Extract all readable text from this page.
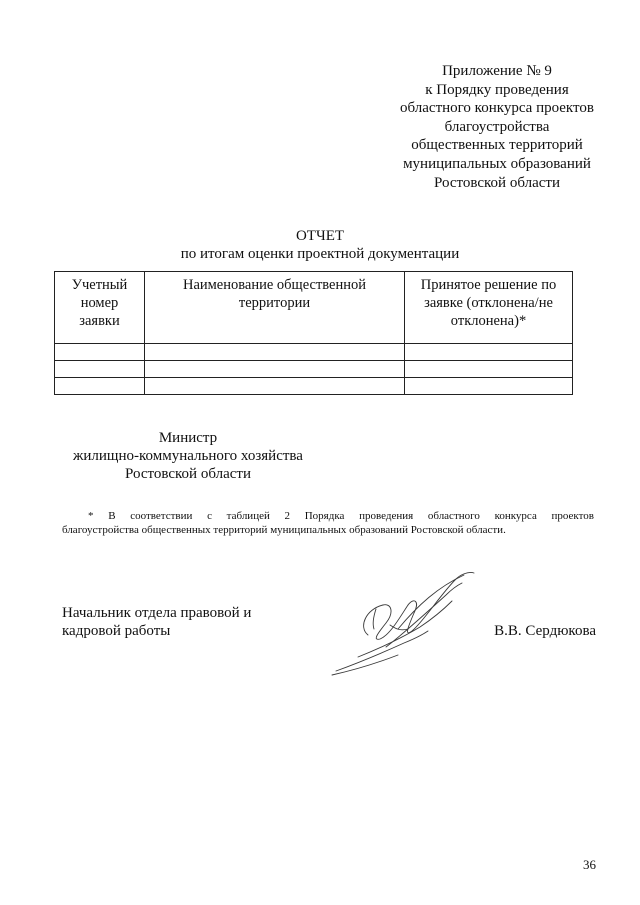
Приложение № 9
к Порядку проведения
областного конкурса проектов
благоустройства
общественных территорий
муниципальных образований
Ростовской области
ОТЧЕТ
по итогам оценки проектной документации
Учетный номер заявки	Наименование общественной территории	Принятое решение по заявке (отклонена/не отклонена)*

Министр
жилищно-коммунального хозяйства
Ростовской области
* В соответствии с таблицей 2 Порядка проведения областного конкурса проектов
благоустройства общественных территорий муниципальных образований Ростовской области.
Начальник отдела правовой и
кадровой работы	В.В. Сердюкова
36
